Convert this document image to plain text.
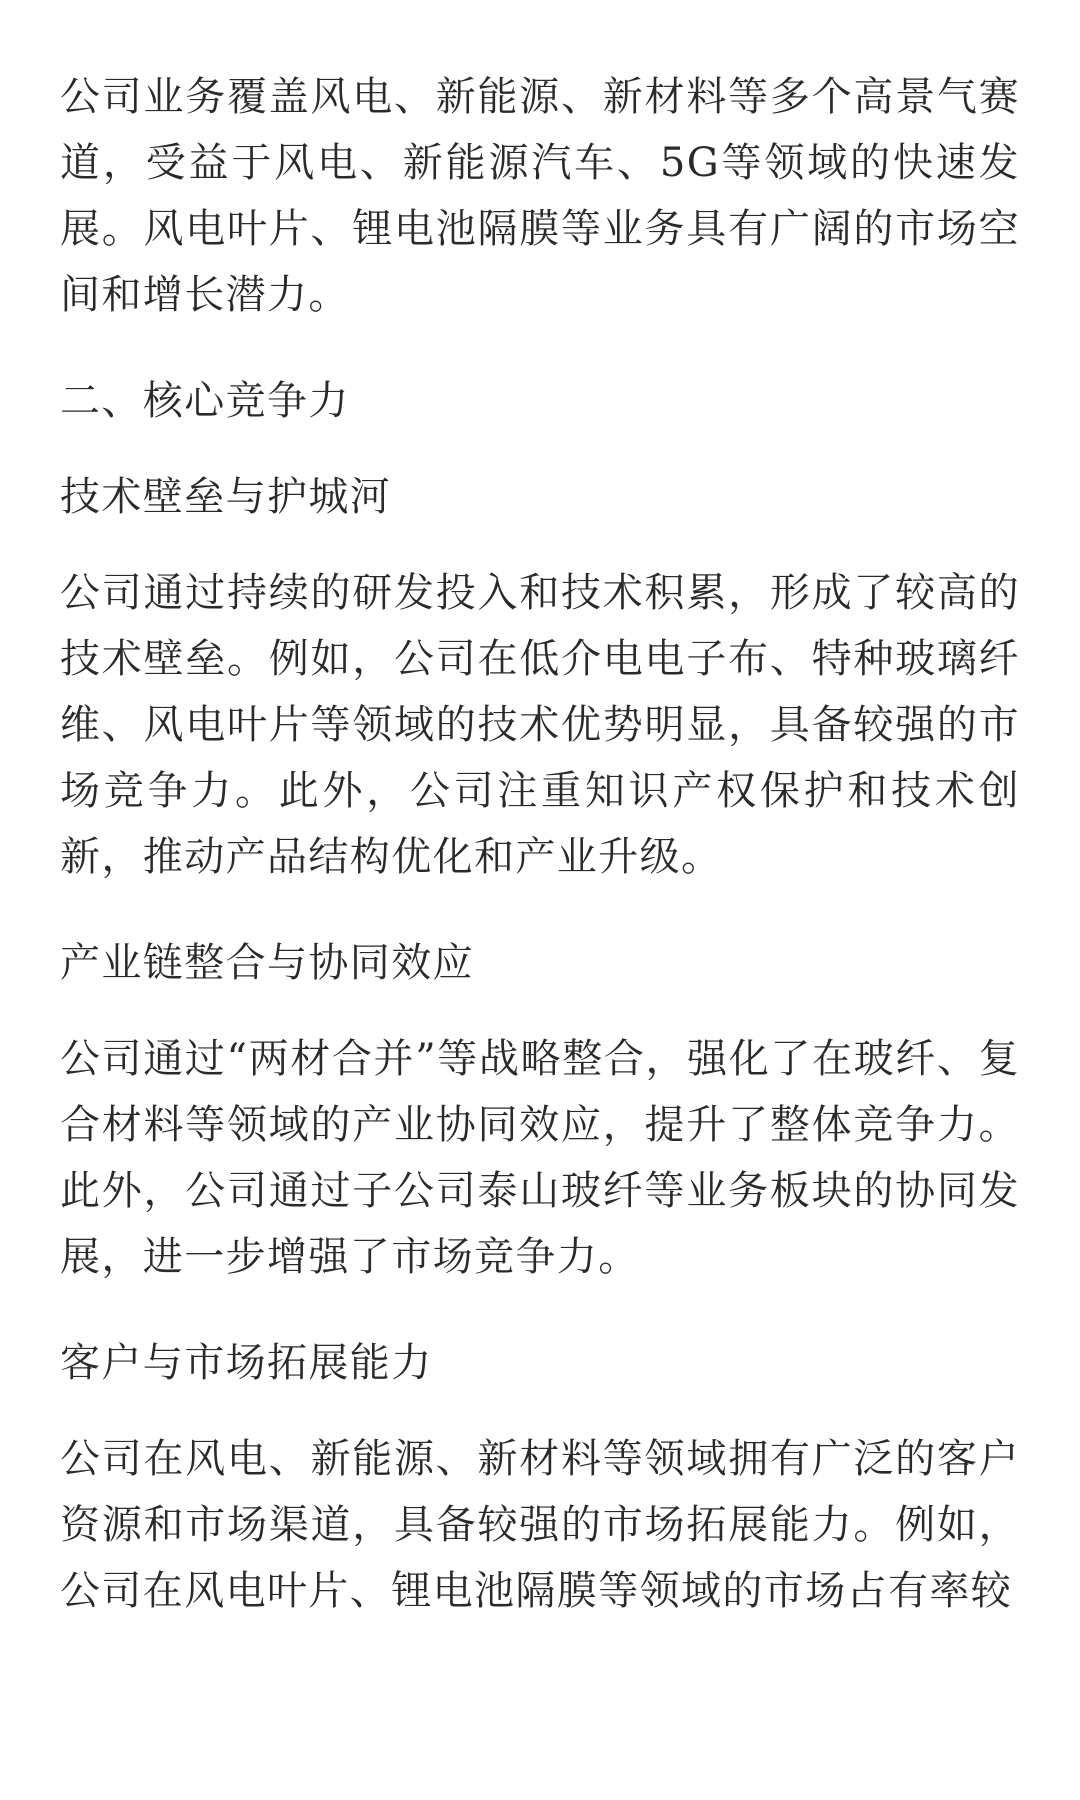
公司业务覆盖风电、新能源、新材料等多个高景气赛道，受益于风电、新能源汽车、5G等领域的快速发展。风电叶片、锂电池隔膜等业务具有广阔的市场空间和增长潜力。

二、核心竞争力
技术壁垒与护城河

公司通过持续的研发投入和技术积累，形成了较高的技术壁垒。例如，公司在低介电电子布、特种玻璃纤维、风电叶片等领域的技术优势明显，具备较强的市场竞争力。此外，公司注重知识产权保护和技术创新，推动产品结构优化和产业升级。

产业链整合与协同效应

公司通过“两材合并”等战略整合，强化了在玻纤、复合材料等领域的产业协同效应，提升了整体竞争力。此外，公司通过子公司泰山玻纤等业务板块的协同发展，进一步增强了市场竞争力。

客户与市场拓展能力

公司在风电、新能源、新材料等领域拥有广泛的客户资源和市场渠道，具备较强的市场拓展能力。例如，公司在风电叶片、锂电池隔膜等领域的市场占有率较
